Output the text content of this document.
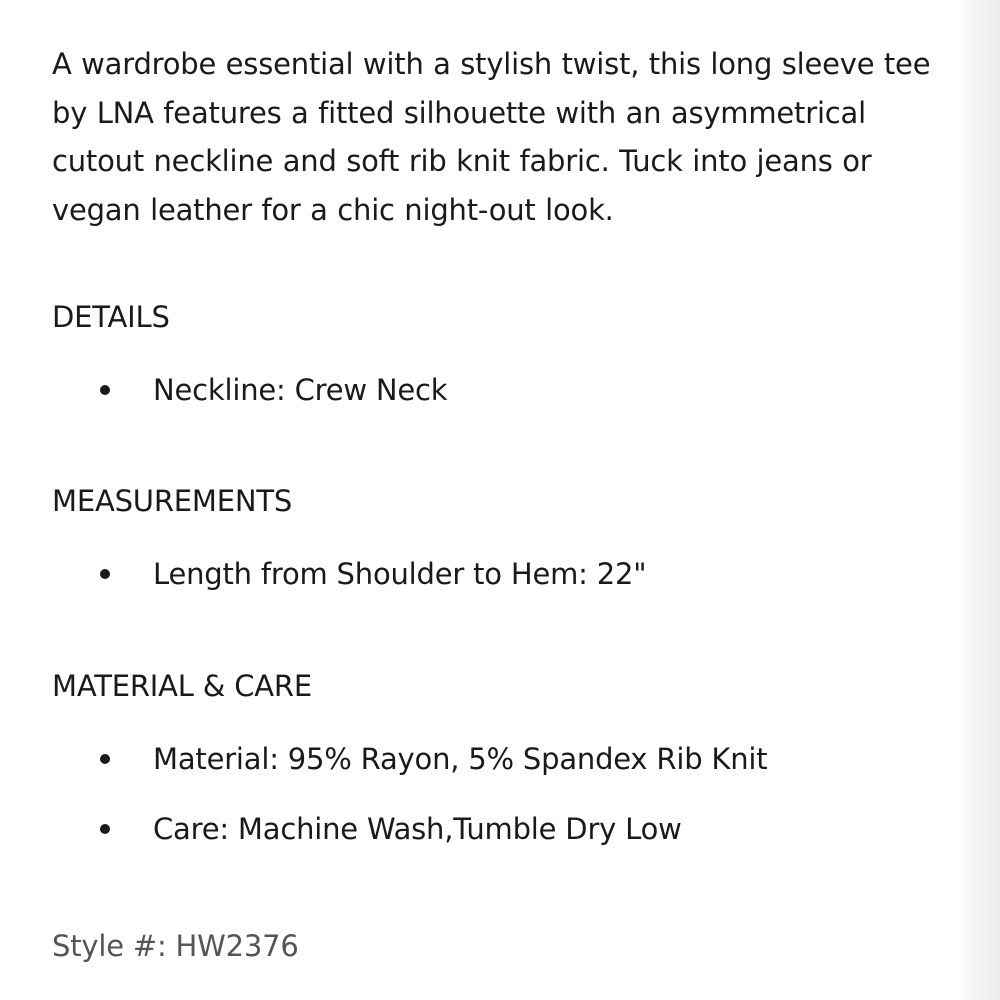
A wardrobe essential with a stylish twist, this long sleeve tee by LNA features a fitted silhouette with an asymmetrical cutout neckline and soft rib knit fabric. Tuck into jeans or vegan leather for a chic night-out look.

DETAILS
Neckline: Crew Neck
MEASUREMENTS
Length from Shoulder to Hem: 22"
MATERIAL & CARE
Material: 95% Rayon, 5% Spandex Rib Knit
Care: Machine Wash,Tumble Dry Low
Style #: HW2376
